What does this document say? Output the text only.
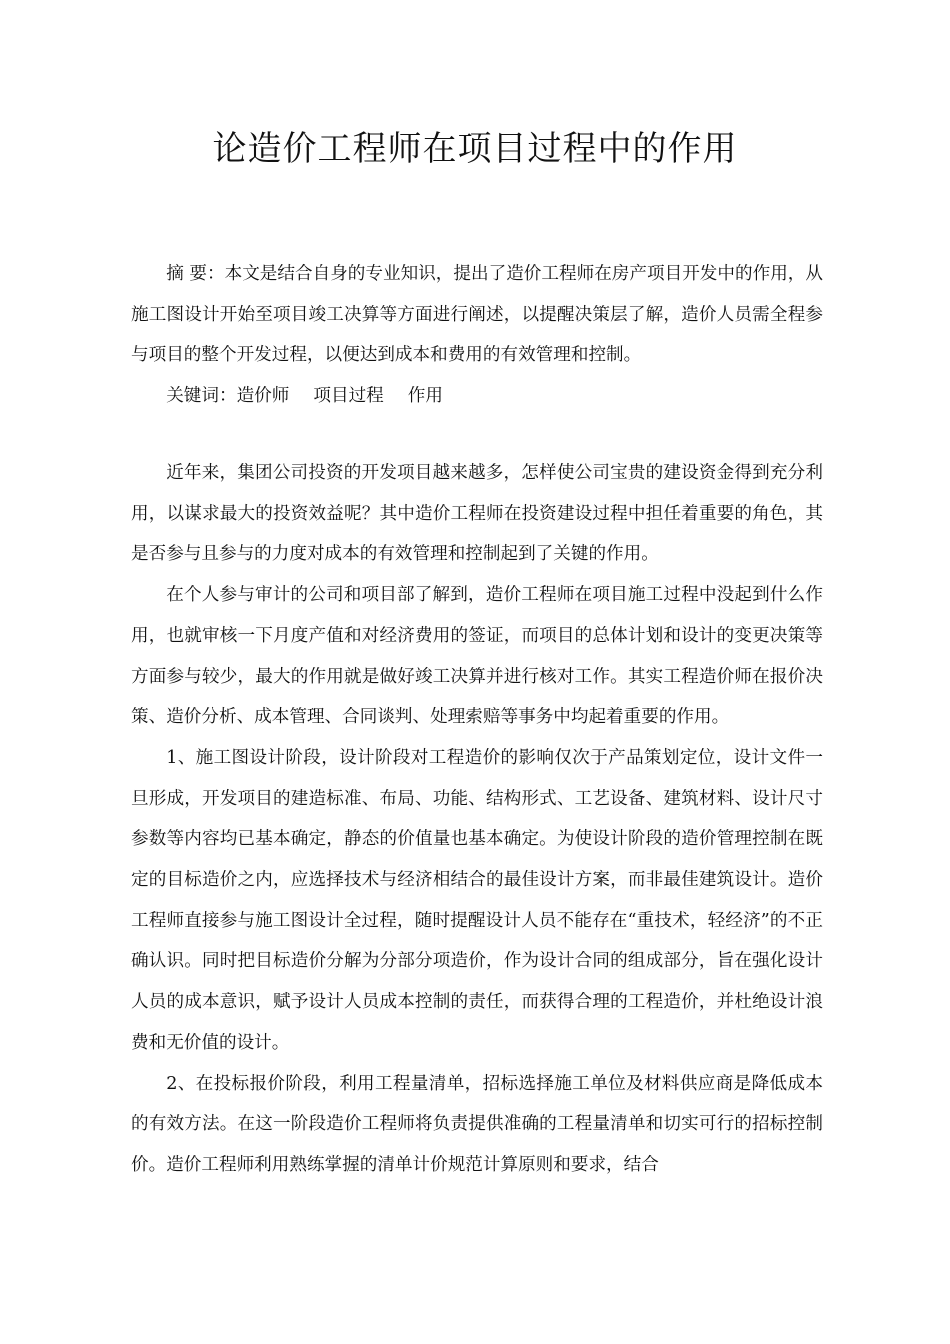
论造价工程师在项目过程中的作用

摘 要：本文是结合自身的专业知识，提出了造价工程师在房产项目开发中的作用，从施工图设计开始至项目竣工决算等方面进行阐述，以提醒决策层了解，造价人员需全程参与项目的整个开发过程，以便达到成本和费用的有效管理和控制。

关键词：造价师 项目过程 作用

近年来，集团公司投资的开发项目越来越多，怎样使公司宝贵的建设资金得到充分利用，以谋求最大的投资效益呢？其中造价工程师在投资建设过程中担任着重要的角色，其是否参与且参与的力度对成本的有效管理和控制起到了关键的作用。

在个人参与审计的公司和项目部了解到，造价工程师在项目施工过程中没起到什么作用，也就审核一下月度产值和对经济费用的签证，而项目的总体计划和设计的变更决策等方面参与较少，最大的作用就是做好竣工决算并进行核对工作。其实工程造价师在报价决策、造价分析、成本管理、合同谈判、处理索赔等事务中均起着重要的作用。

1、施工图设计阶段，设计阶段对工程造价的影响仅次于产品策划定位，设计文件一旦形成，开发项目的建造标准、布局、功能、结构形式、工艺设备、建筑材料、设计尺寸参数等内容均已基本确定，静态的价值量也基本确定。为使设计阶段的造价管理控制在既定的目标造价之内，应选择技术与经济相结合的最佳设计方案，而非最佳建筑设计。造价工程师直接参与施工图设计全过程，随时提醒设计人员不能存在“重技术，轻经济”的不正确认识。同时把目标造价分解为分部分项造价，作为设计合同的组成部分，旨在强化设计人员的成本意识，赋予设计人员成本控制的责任，而获得合理的工程造价，并杜绝设计浪费和无价值的设计。

2、在投标报价阶段，利用工程量清单，招标选择施工单位及材料供应商是降低成本的有效方法。在这一阶段造价工程师将负责提供准确的工程量清单和切实可行的招标控制价。造价工程师利用熟练掌握的清单计价规范计算原则和要求，结合
